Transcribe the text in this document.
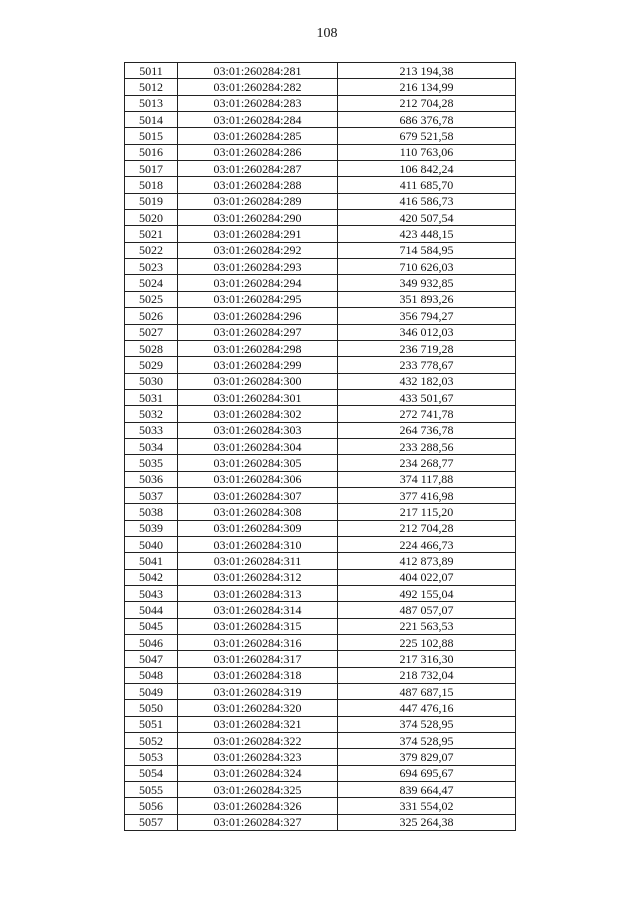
108
5011	03:01:260284:281	213 194,38
5012	03:01:260284:282	216 134,99
5013	03:01:260284:283	212 704,28
5014	03:01:260284:284	686 376,78
5015	03:01:260284:285	679 521,58
5016	03:01:260284:286	110 763,06
5017	03:01:260284:287	106 842,24
5018	03:01:260284:288	411 685,70
5019	03:01:260284:289	416 586,73
5020	03:01:260284:290	420 507,54
5021	03:01:260284:291	423 448,15
5022	03:01:260284:292	714 584,95
5023	03:01:260284:293	710 626,03
5024	03:01:260284:294	349 932,85
5025	03:01:260284:295	351 893,26
5026	03:01:260284:296	356 794,27
5027	03:01:260284:297	346 012,03
5028	03:01:260284:298	236 719,28
5029	03:01:260284:299	233 778,67
5030	03:01:260284:300	432 182,03
5031	03:01:260284:301	433 501,67
5032	03:01:260284:302	272 741,78
5033	03:01:260284:303	264 736,78
5034	03:01:260284:304	233 288,56
5035	03:01:260284:305	234 268,77
5036	03:01:260284:306	374 117,88
5037	03:01:260284:307	377 416,98
5038	03:01:260284:308	217 115,20
5039	03:01:260284:309	212 704,28
5040	03:01:260284:310	224 466,73
5041	03:01:260284:311	412 873,89
5042	03:01:260284:312	404 022,07
5043	03:01:260284:313	492 155,04
5044	03:01:260284:314	487 057,07
5045	03:01:260284:315	221 563,53
5046	03:01:260284:316	225 102,88
5047	03:01:260284:317	217 316,30
5048	03:01:260284:318	218 732,04
5049	03:01:260284:319	487 687,15
5050	03:01:260284:320	447 476,16
5051	03:01:260284:321	374 528,95
5052	03:01:260284:322	374 528,95
5053	03:01:260284:323	379 829,07
5054	03:01:260284:324	694 695,67
5055	03:01:260284:325	839 664,47
5056	03:01:260284:326	331 554,02
5057	03:01:260284:327	325 264,38
